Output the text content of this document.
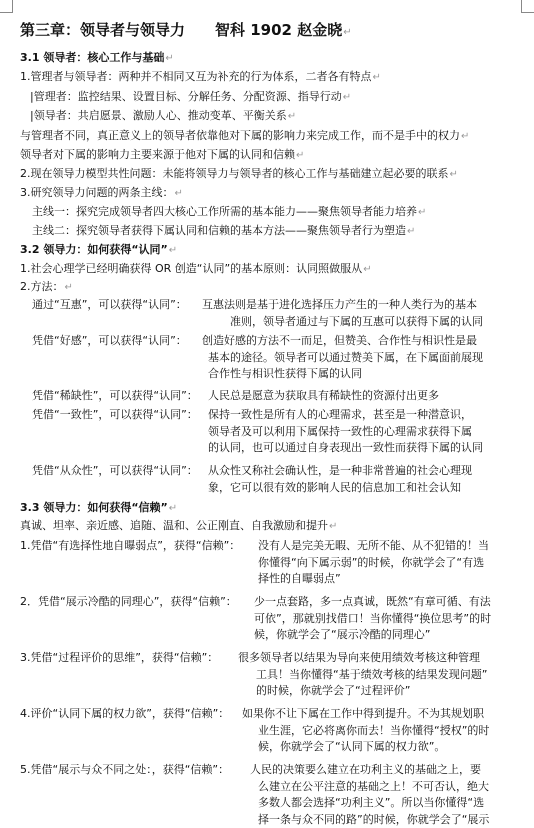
第三章：领导者与领导力　　智科 1902 赵金晓↵
3.1 领导者：核心工作与基础↵
1.管理者与领导者：两种并不相同又互为补充的行为体系，二者各有特点↵
|管理者：监控结果、设置目标、分解任务、分配资源、指导行动↵
|领导者：共启愿景、激励人心、推动变革、平衡关系↵
与管理者不同，真正意义上的领导者依靠他对下属的影响力来完成工作，而不是手中的权力↵
领导者对下属的影响力主要来源于他对下属的认同和信赖↵
2.现在领导力模型共性问题：未能将领导力与领导者的核心工作与基础建立起必要的联系↵
3.研究领导力问题的两条主线：↵
主线一：探究完成领导者四大核心工作所需的基本能力——聚焦领导者能力培养↵
主线二：探究领导者获得下属认同和信赖的基本方法——聚焦领导者行为塑造↵
3.2 领导力：如何获得“认同”↵
1.社会心理学已经明确获得 OR 创造“认同”的基本原则：认同照做服从↵
2.方法：↵
通过“互惠”，可以获得“认同”： 互惠法则是基于进化选择压力产生的一种人类行为的基本
准则，领导者通过与下属的互惠可以获得下属的认同
凭借“好感”，可以获得“认同”： 创造好感的方法不一而足，但赞美、合作性与相识性是最
基本的途径。领导者可以通过赞美下属，在下属面前展现
合作性与相识性获得下属的认同
凭借“稀缺性”，可以获得“认同”： 人民总是愿意为获取具有稀缺性的资源付出更多
凭借“一致性”，可以获得“认同”： 保持一致性是所有人的心理需求，甚至是一种潜意识，
领导者及可以利用下属保持一致性的心理需求获得下属
的认同，也可以通过自身表现出一致性而获得下属的认同
凭借“从众性”，可以获得“认同”： 从众性又称社会确认性，是一种非常普遍的社会心理现
象，它可以很有效的影响人民的信息加工和社会认知
3.3 领导力：如何获得“信赖”↵
真诚、坦率、亲近感、追随、温和、公正刚直、自我激励和提升↵
1.凭借“有选择性地自曝弱点”，获得“信赖”： 没有人是完美无暇、无所不能、从不犯错的！当
你懂得“向下属示弱”的时候，你就学会了“有选
择性的自曝弱点”
2．凭借“展示冷酷的同理心”，获得“信赖”： 少一点套路，多一点真诚，既然“有章可循、有法
可依”，那就别找借口！当你懂得“换位思考”的时
候，你就学会了“展示冷酷的同理心”
3.凭借“过程评价的思维”，获得“信赖”： 很多领导者以结果为导向来使用绩效考核这种管理
工具！当你懂得“基于绩效考核的结果发现问题”
的时候，你就学会了“过程评价”
4.评价“认同下属的权力欲”，获得“信赖”： 如果你不让下属在工作中得到提升。不为其规划职
业生涯，它必将离你而去！当你懂得“授权”的时
候，你就学会了“认同下属的权力欲”。
5.凭借“展示与众不同之处：，获得“信赖”： 人民的决策要么建立在功利主义的基础之上，要
么建立在公平注意的基础之上！不可否认，绝大
多数人都会选择“功利主义”。所以当你懂得“选
择一条与众不同的路”的时候，你就学会了“展示
